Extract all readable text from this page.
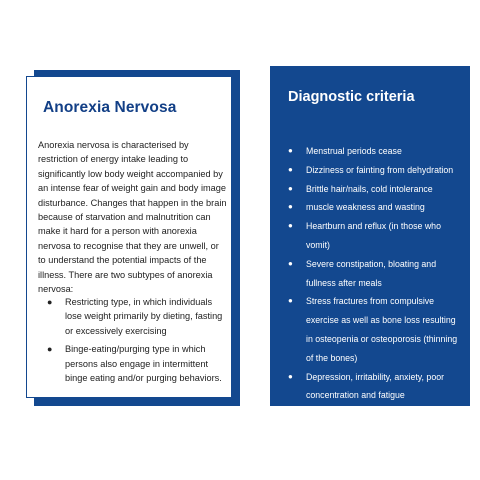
Anorexia Nervosa

Anorexia nervosa is characterised by restriction of energy intake leading to significantly low body weight accompanied by an intense fear of weight gain and body image disturbance. Changes that happen in the brain because of starvation and malnutrition can make it hard for a person with anorexia nervosa to recognise that they are unwell, or to understand the potential impacts of the illness. There are two subtypes of anorexia nervosa:

● Restricting type, in which individuals lose weight primarily by dieting, fasting or excessively exercising
● Binge-eating/purging type in which persons also engage in intermittent binge eating and/or purging behaviors.
Diagnostic criteria
● Menstrual periods cease
● Dizziness or fainting from dehydration
● Brittle hair/nails, cold intolerance
● muscle weakness and wasting
● Heartburn and reflux (in those who vomit)
● Severe constipation, bloating and fullness after meals
● Stress fractures from compulsive exercise as well as bone loss resulting in osteopenia or osteoporosis (thinning of the bones)
● Depression, irritability, anxiety, poor concentration and fatigue
